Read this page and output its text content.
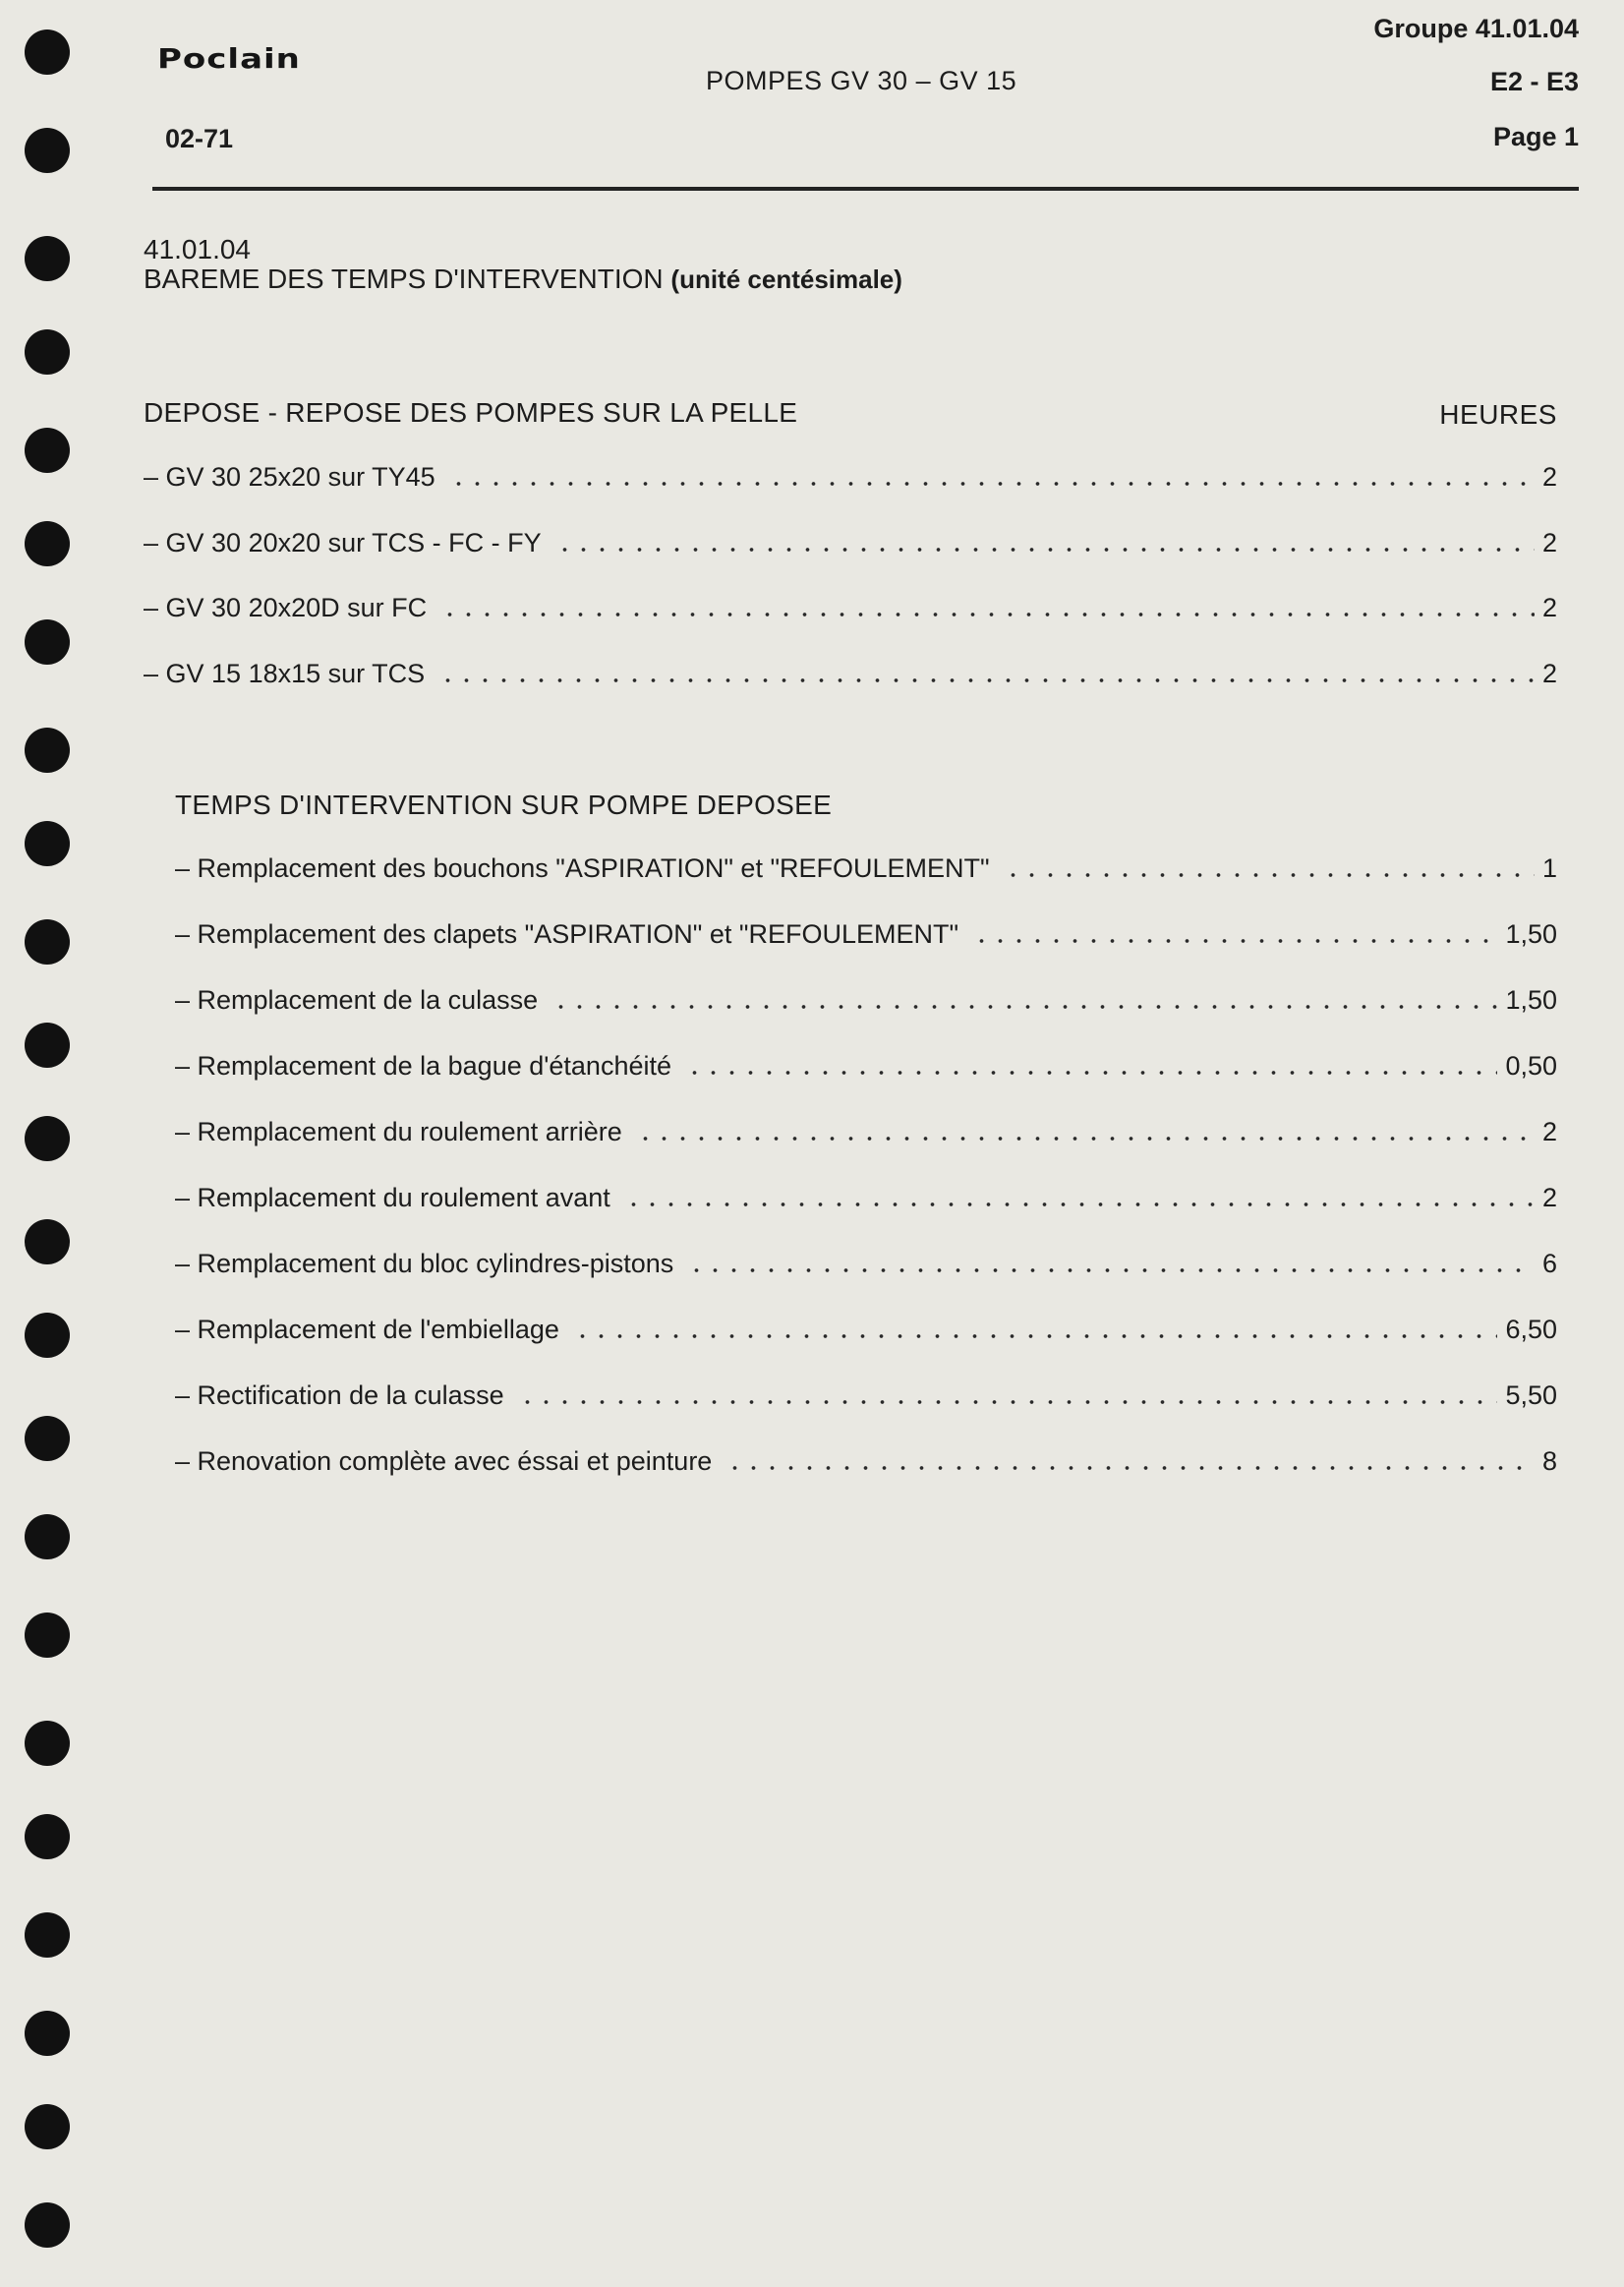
Poclain
02-71
POMPES GV 30 – GV 15
Groupe 41.01.04
E2 - E3
Page 1
41.01.04
BAREME DES TEMPS D'INTERVENTION (unité centésimale)
DEPOSE - REPOSE DES POMPES SUR LA PELLE	HEURES
– GV 30 25x20 sur TY45	2
– GV 30 20x20 sur TCS - FC - FY	2
– GV 30 20x20D sur FC	2
– GV 15 18x15 sur TCS	2
TEMPS D'INTERVENTION SUR POMPE DEPOSEE
– Remplacement des bouchons "ASPIRATION" et "REFOULEMENT"	1
– Remplacement des clapets "ASPIRATION" et "REFOULEMENT"	1,50
– Remplacement de la culasse	1,50
– Remplacement de la bague d'étanchéité	0,50
– Remplacement du roulement arrière	2
– Remplacement du roulement avant	2
– Remplacement du bloc cylindres-pistons	6
– Remplacement de l'embiellage	6,50
– Rectification de la culasse	5,50
– Renovation complète avec éssai et peinture	8
